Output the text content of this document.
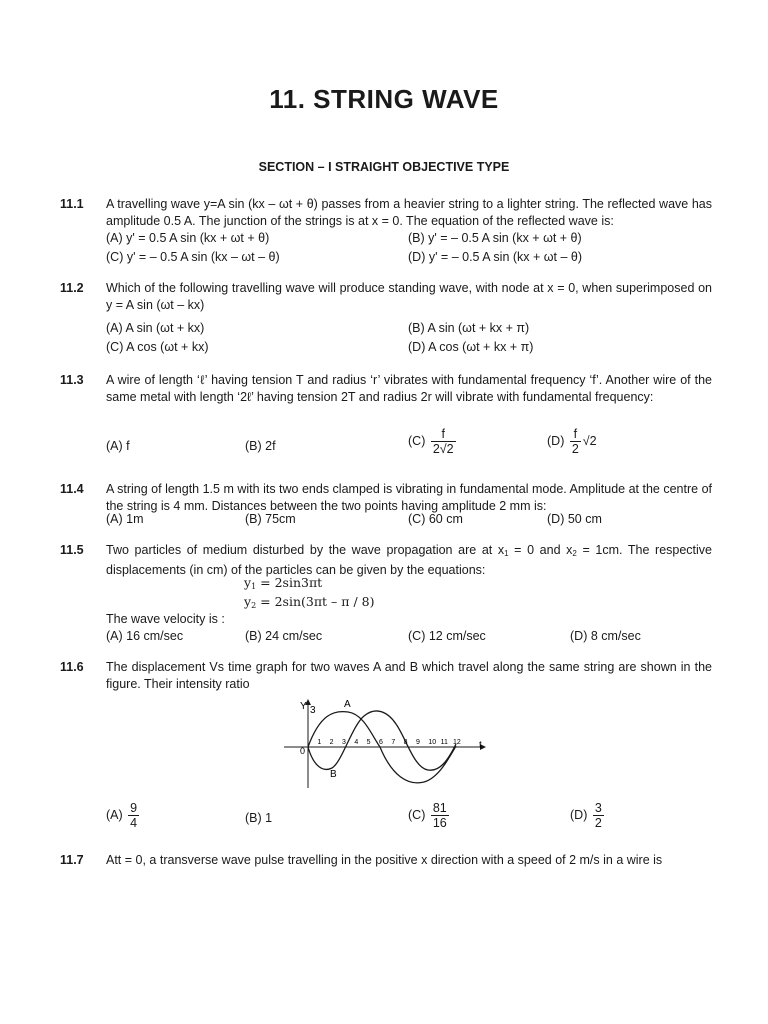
11. STRING WAVE
SECTION – I STRAIGHT OBJECTIVE TYPE
11.1 A travelling wave y=A sin (kx – ωt + θ) passes from a heavier string to a lighter string. The reflected wave has amplitude 0.5 A. The junction of the strings is at x = 0. The equation of the reflected wave is:
(A) y' = 0.5 A sin (kx + ωt + θ)	(B) y' = – 0.5 A sin (kx + ωt + θ)
(C) y' = – 0.5 A sin (kx – ωt – θ)	(D) y' = – 0.5 A sin (kx + ωt – θ)
11.2 Which of the following travelling wave will produce standing wave, with node at x = 0, when superimposed on y = A sin (ωt – kx)
(A) A sin (ωt + kx)	(B) A sin (ωt + kx + π)
(C) A cos (ωt + kx)	(D) A cos (ωt + kx + π)
11.3 A wire of length ‘ℓ’ having tension T and radius ‘r’ vibrates with fundamental frequency ‘f’. Another wire of the same metal with length ‘2ℓ’ having tension 2T and radius 2r will vibrate with fundamental frequency:
(A) f	(B) 2f	$(C) \frac{f}{2√2}$	$(D) \frac{f}{2} √2$
11.4 A string of length 1.5 m with its two ends clamped is vibrating in fundamental mode. Amplitude at the centre of the string is 4 mm. Distances between the two points having amplitude 2 mm is:
(A) 1m	(B) 75cm	(C) 60 cm	(D) 50 cm
11.5 Two particles of medium disturbed by the wave propagation are at $x_1 = 0$ and $x_2 = 1cm$. The respective displacements (in cm) of the particles can be given by the equations:
$y_1 = 2\sin 3\pi t$
$y_2 = 2\sin(3\pi t - \pi / 8)$
The wave velocity is :
(A) 16 cm/sec	(B) 24 cm/sec	(C) 12 cm/sec	(D) 8 cm/sec
11.6 The displacement Vs time graph for two waves A and B which travel along the same string are shown in the figure. Their intensity ratio
1 2 3 4 5 6 7 8 9 10 11 12
Y 3
0
A
B
t
$(A) \frac{9}{4}$	(B) 1	$(C) \frac{81}{16}$	$(D) \frac{3}{2}$
11.7 Att = 0, a transverse wave pulse travelling in the positive x direction with a speed of 2 m/s in a wire is
